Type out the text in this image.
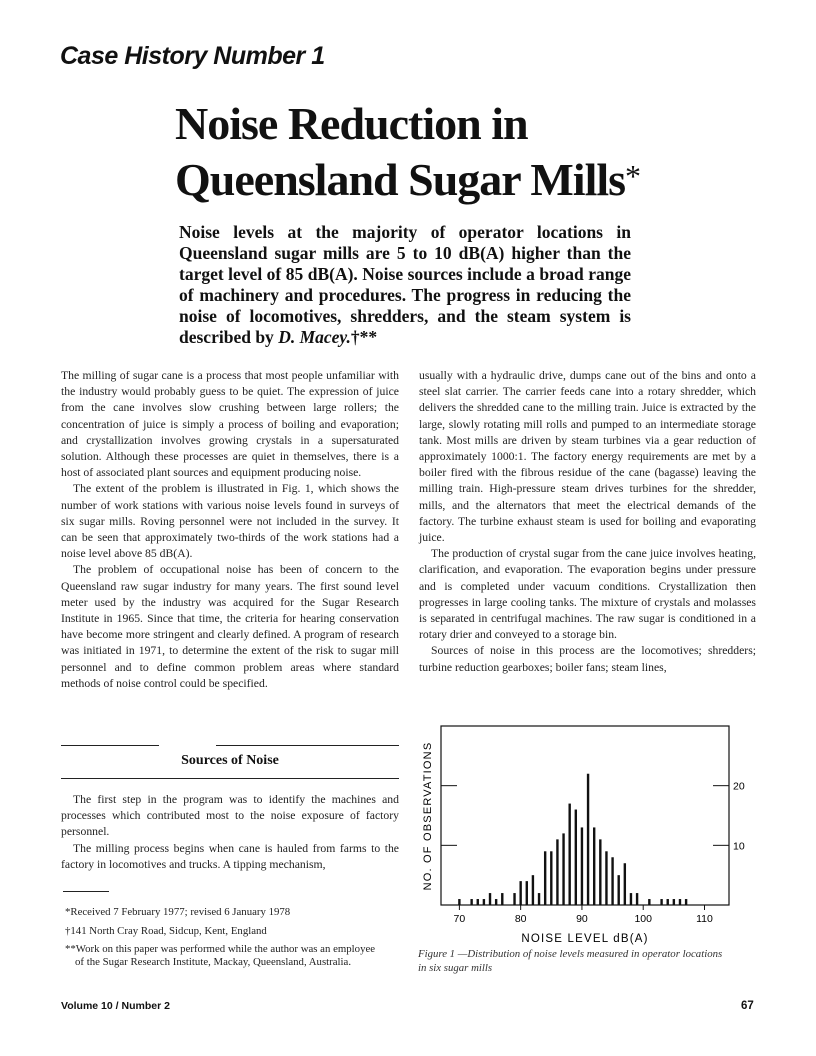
Case History Number 1
Noise Reduction in
Queensland Sugar Mills*
Noise levels at the majority of operator locations in Queensland sugar mills are 5 to 10 dB(A) higher than the target level of 85 dB(A). Noise sources include a broad range of machinery and procedures. The progress in reducing the noise of locomotives, shredders, and the steam system is described by D. Macey.†**

The milling of sugar cane is a process that most people unfamiliar with the industry would probably guess to be quiet. The expression of juice from the cane involves slow crushing between large rollers; the concentration of juice is simply a process of boiling and evaporation; and crystallization involves growing crystals in a supersaturated solution. Although these processes are quiet in themselves, there is a host of associated plant sources and equipment producing noise.

The extent of the problem is illustrated in Fig. 1, which shows the number of work stations with various noise levels found in surveys of six sugar mills. Roving personnel were not included in the survey. It can be seen that approximately two-thirds of the work stations had a noise level above 85 dB(A).

The problem of occupational noise has been of concern to the Queensland raw sugar industry for many years. The first sound level meter used by the industry was acquired for the Sugar Research Institute in 1965. Since that time, the criteria for hearing conservation have become more stringent and clearly defined. A program of research was initiated in 1971, to determine the extent of the risk to sugar mill personnel and to define common problem areas where standard methods of noise control could be specified.

Sources of Noise

The first step in the program was to identify the machines and processes which contributed most to the noise exposure of factory personnel.

The milling process begins when cane is hauled from farms to the factory in locomotives and trucks. A tipping mechanism,

*Received 7 February 1977; revised 6 January 1978
†141 North Cray Road, Sidcup, Kent, England
**Work on this paper was performed while the author was an employee
of the Sugar Research Institute, Mackay, Queensland, Australia.

usually with a hydraulic drive, dumps cane out of the bins and onto a steel slat carrier. The carrier feeds cane into a rotary shredder, which delivers the shredded cane to the milling train. Juice is extracted by the large, slowly rotating mill rolls and pumped to an intermediate storage tank. Most mills are driven by steam turbines via a gear reduction of approximately 1000:1. The factory energy requirements are met by a boiler fired with the fibrous residue of the cane (bagasse) leaving the milling train. High-pressure steam drives turbines for the shredder, mills, and the alternators that meet the electrical demands of the factory. The turbine exhaust steam is used for boiling and evaporating juice.

The production of crystal sugar from the cane juice involves heating, clarification, and evaporation. The evaporation begins under pressure and is completed under vacuum conditions. Crystallization then progresses in large cooling tanks. The mixture of crystals and molasses is separated in centrifugal machines. The raw sugar is conditioned in a rotary drier and conveyed to a storage bin.

Sources of noise in this process are the locomotives; shredders; turbine reduction gearboxes; boiler fans; steam lines,

70	80	90	100	110
10
20
NO. OF OBSERVATIONS
NOISE LEVEL dB(A)
Figure 1 —Distribution of noise levels measured in operator locations
in six sugar mills
Volume 10 / Number 2	67
